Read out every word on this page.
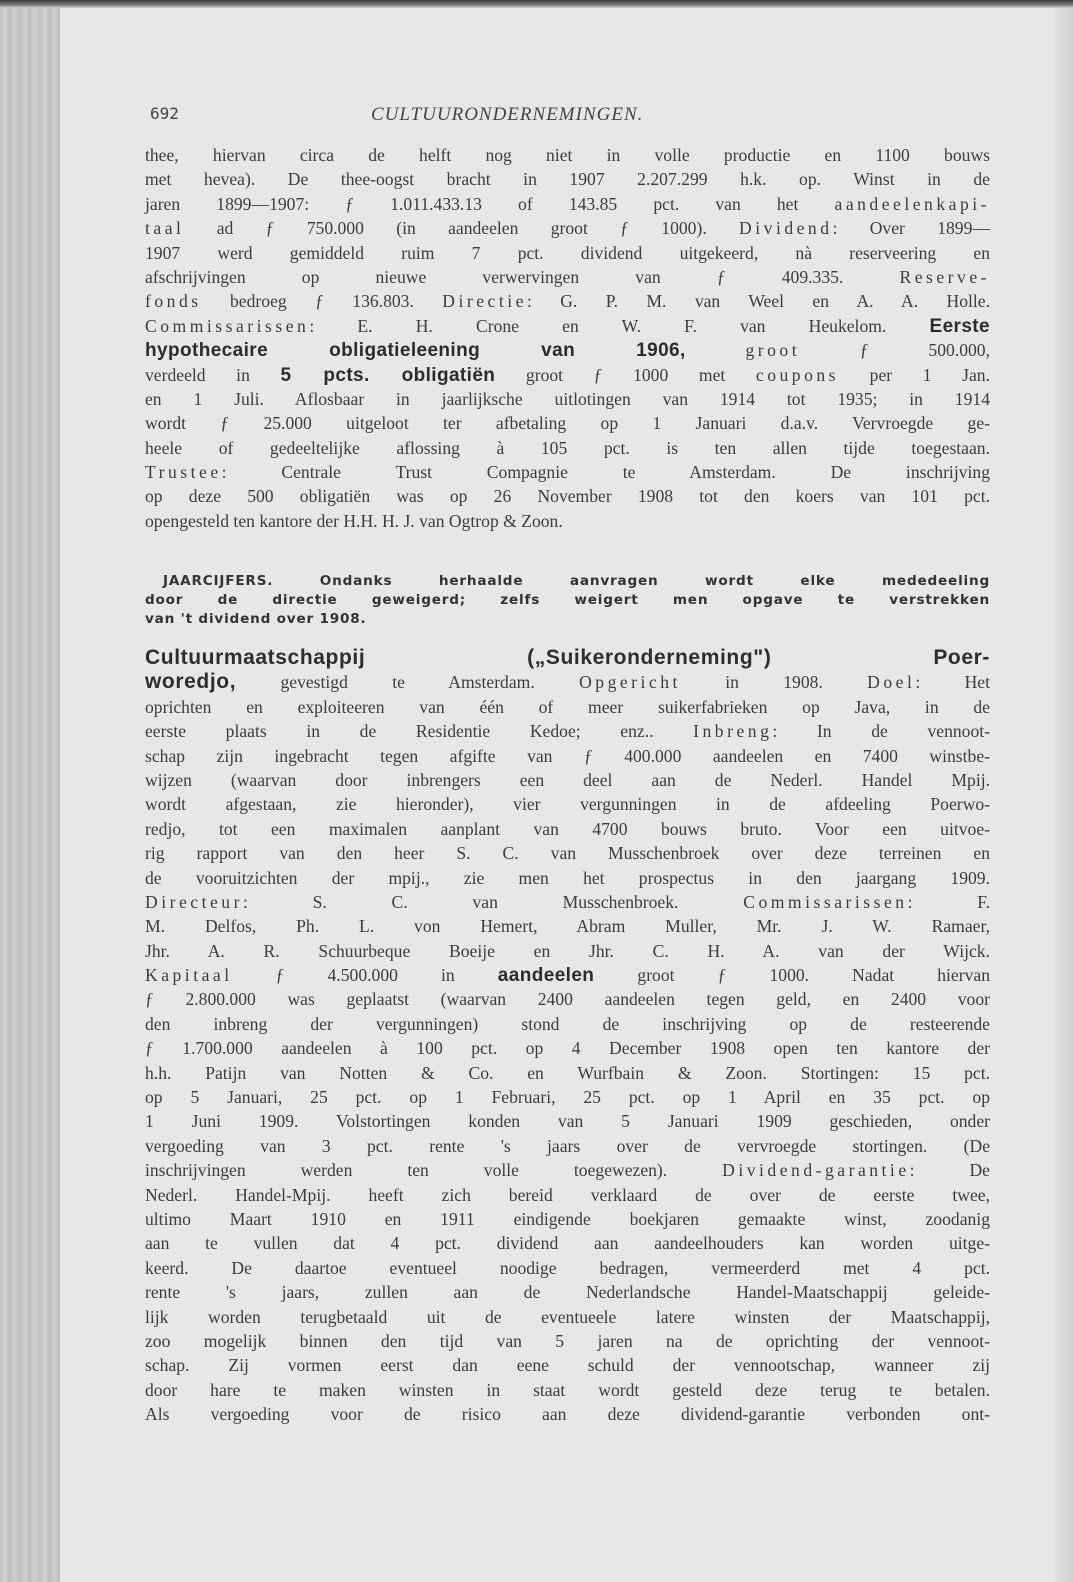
692	CULTUURONDERNEMINGEN.
thee, hiervan circa de helft nog niet in volle productie en 1100 bouws
met hevea). De thee-oogst bracht in 1907 2.207.299 h.k. op. Winst in de
jaren 1899—1907: ƒ 1.011.433.13 of 143.85 pct. van het aandeelenkapi-
taal ad ƒ 750.000 (in aandeelen groot ƒ 1000). Dividend: Over 1899—
1907 werd gemiddeld ruim 7 pct. dividend uitgekeerd, nà reserveering en
afschrijvingen op nieuwe verwervingen van ƒ 409.335. Reserve-
fonds bedroeg ƒ 136.803. Directie: G. P. M. van Weel en A. A. Holle.
Commissarissen: E. H. Crone en W. F. van Heukelom. Eerste
hypothecaire obligatieleening van 1906,	groot ƒ 500.000,
verdeeld in 5 pcts. obligatiën groot ƒ 1000 met coupons per 1 Jan.
en 1 Juli. Aflosbaar in jaarlijksche uitlotingen van 1914 tot 1935; in 1914
wordt ƒ 25.000 uitgeloot ter afbetaling op 1 Januari d.a.v. Vervroegde ge-
heele of gedeeltelijke aflossing à 105 pct. is ten allen tijde toegestaan.
Trustee: Centrale Trust Compagnie te Amsterdam. De inschrijving
op deze 500 obligatiën was op 26 November 1908 tot den koers van 101 pct.
opengesteld ten kantore der H.H. H. J. van Ogtrop & Zoon.
JAARCIJFERS. Ondanks herhaalde aanvragen wordt elke mededeeling
door de directie geweigerd; zelfs weigert men opgave te verstrekken
van 't dividend over 1908.
Cultuurmaatschappij („Suikeronderneming") Poer-
woredjo,	gevestigd te Amsterdam. Opgericht in 1908. Doel: Het
oprichten en exploiteeren van één of meer suikerfabrieken op Java, in de
eerste plaats in de Residentie Kedoe; enz.. Inbreng: In de vennoot-
schap zijn ingebracht tegen afgifte van ƒ 400.000 aandeelen en 7400 winstbe-
wijzen (waarvan door inbrengers een deel aan de Nederl. Handel Mpij.
wordt afgestaan, zie hieronder), vier vergunningen in de afdeeling Poerwo-
redjo, tot een maximalen aanplant van 4700 bouws bruto. Voor een uitvoe-
rig rapport van den heer S. C. van Musschenbroek over deze terreinen en
de vooruitzichten der mpij., zie men het prospectus in den jaargang 1909.
Directeur: S. C. van Musschenbroek. Commissarissen: F.
M. Delfos, Ph. L. von Hemert, Abram Muller, Mr. J. W. Ramaer,
Jhr. A. R. Schuurbeque Boeije en Jhr. C. H. A. van der Wijck.
Kapitaal ƒ 4.500.000 in aandeelen groot ƒ 1000. Nadat hiervan
ƒ 2.800.000 was geplaatst (waarvan 2400 aandeelen tegen geld, en 2400 voor
den inbreng der vergunningen) stond de inschrijving op de resteerende
ƒ 1.700.000 aandeelen à 100 pct. op 4 December 1908 open ten kantore der
h.h. Patijn van Notten & Co. en Wurfbain & Zoon. Stortingen: 15 pct.
op 5 Januari, 25 pct. op 1 Februari, 25 pct. op 1 April en 35 pct. op
1 Juni 1909. Volstortingen konden van 5 Januari 1909 geschieden, onder
vergoeding van 3 pct. rente 's jaars over de vervroegde stortingen. (De
inschrijvingen werden ten volle toegewezen). Dividend-garantie: De
Nederl. Handel-Mpij. heeft zich bereid verklaard de over de eerste twee,
ultimo Maart 1910 en 1911 eindigende boekjaren gemaakte winst, zoodanig
aan te vullen dat 4 pct. dividend aan aandeelhouders kan worden uitge-
keerd. De daartoe eventueel noodige bedragen, vermeerderd met 4 pct.
rente 's jaars, zullen aan de Nederlandsche Handel-Maatschappij geleide-
lijk worden terugbetaald uit de eventueele latere winsten der Maatschappij,
zoo mogelijk binnen den tijd van 5 jaren na de oprichting der vennoot-
schap. Zij vormen eerst dan eene schuld der vennootschap, wanneer zij
door hare te maken winsten in staat wordt gesteld deze terug te betalen.
Als vergoeding voor de risico aan deze dividend-garantie verbonden ont-
